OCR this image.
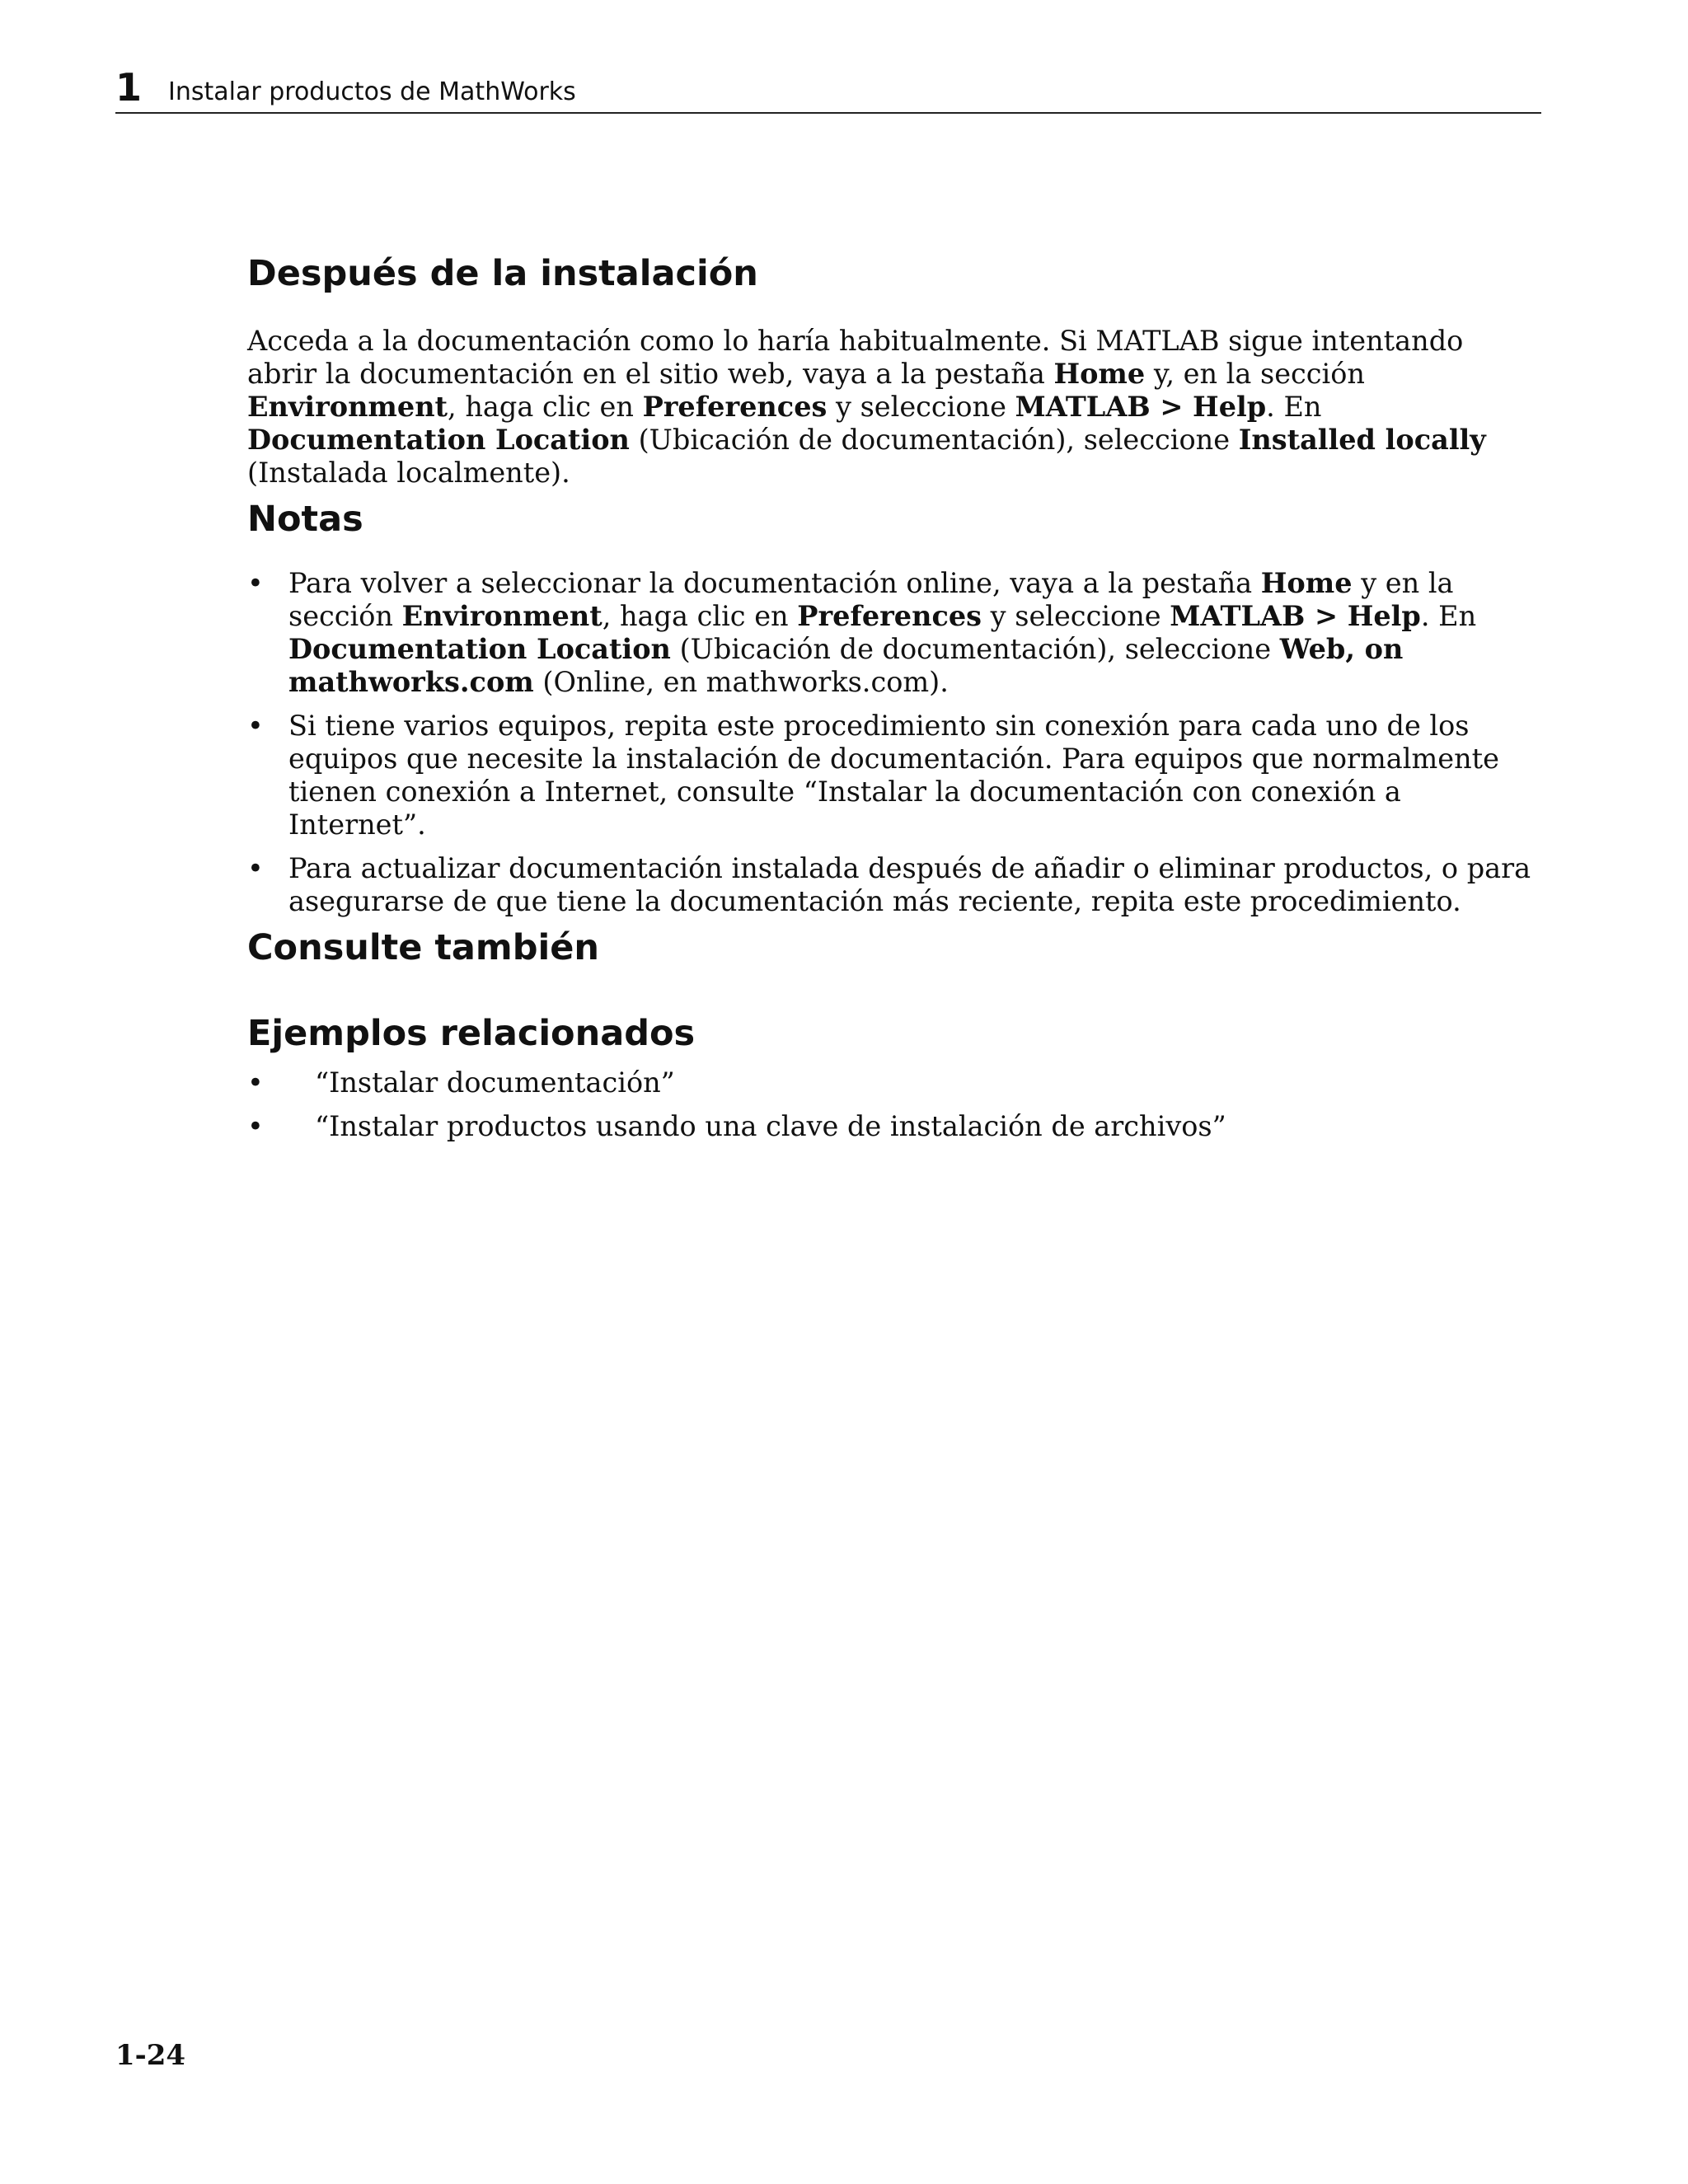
1 Instalar productos de MathWorks
Después de la instalación

Acceda a la documentación como lo haría habitualmente. Si MATLAB sigue intentando abrir la documentación en el sitio web, vaya a la pestaña Home y, en la sección Environment, haga clic en Preferences y seleccione MATLAB > Help. En Documentation Location (Ubicación de documentación), seleccione Installed locally (Instalada localmente).

Notas
• Para volver a seleccionar la documentación online, vaya a la pestaña Home y en la sección Environment, haga clic en Preferences y seleccione MATLAB > Help. En Documentation Location (Ubicación de documentación), seleccione Web, on mathworks.com (Online, en mathworks.com).
• Si tiene varios equipos, repita este procedimiento sin conexión para cada uno de los equipos que necesite la instalación de documentación. Para equipos que normalmente tienen conexión a Internet, consulte “Instalar la documentación con conexión a Internet”.
• Para actualizar documentación instalada después de añadir o eliminar productos, o para asegurarse de que tiene la documentación más reciente, repita este procedimiento.
Consulte también
Ejemplos relacionados
• “Instalar documentación”
• “Instalar productos usando una clave de instalación de archivos”
1-24
